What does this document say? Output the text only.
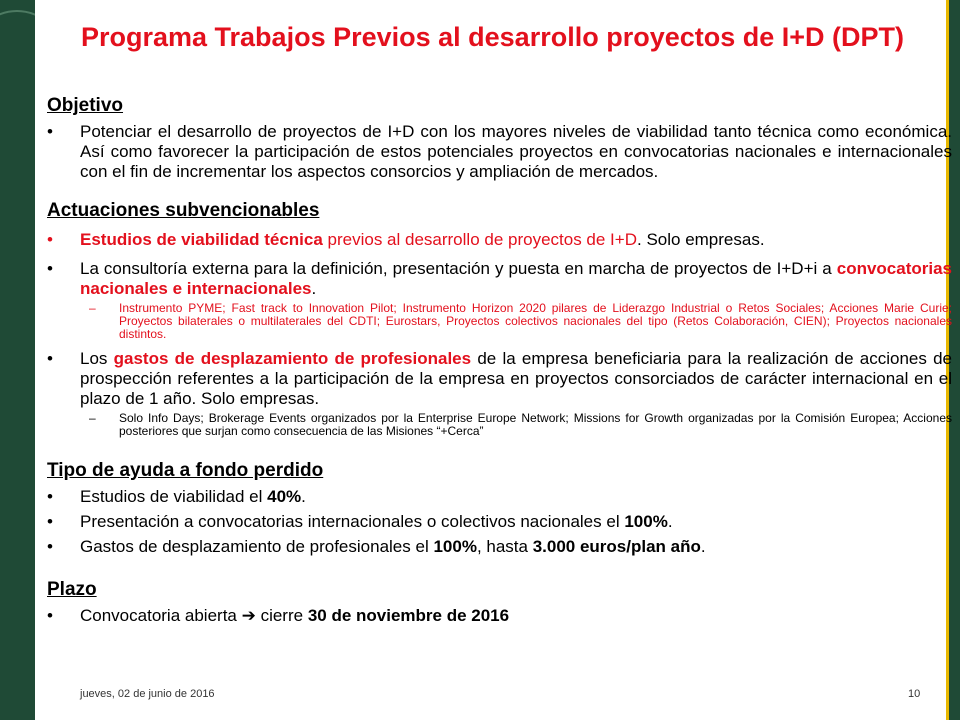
Programa Trabajos Previos al desarrollo proyectos de I+D (DPT)
Objetivo
• Potenciar el desarrollo de proyectos de I+D con los mayores niveles de viabilidad tanto técnica como económica. Así como favorecer la participación de estos potenciales proyectos en convocatorias nacionales e internacionales con el fin de incrementar los aspectos consorcios y ampliación de mercados.
Actuaciones subvencionables
• Estudios de viabilidad técnica previos al desarrollo de proyectos de I+D. Solo empresas.
• La consultoría externa para la definición, presentación y puesta en marcha de proyectos de I+D+i a convocatorias nacionales e internacionales.
– Instrumento PYME; Fast track to Innovation Pilot; Instrumento Horizon 2020 pilares de Liderazgo Industrial o Retos Sociales; Acciones Marie Curie; Proyectos bilaterales o multilaterales del CDTI; Eurostars, Proyectos colectivos nacionales del tipo (Retos Colaboración, CIEN); Proyectos nacionales distintos.
• Los gastos de desplazamiento de profesionales de la empresa beneficiaria para la realización de acciones de prospección referentes a la participación de la empresa en proyectos consorciados de carácter internacional en el plazo de 1 año. Solo empresas.
– Solo Info Days; Brokerage Events organizados por la Enterprise Europe Network; Missions for Growth organizadas por la Comisión Europea; Acciones posteriores que surjan como consecuencia de las Misiones “+Cerca”
Tipo de ayuda a fondo perdido
• Estudios de viabilidad el 40%.
• Presentación a convocatorias internacionales o colectivos nacionales el 100%.
• Gastos de desplazamiento de profesionales el 100%, hasta 3.000 euros/plan año.
Plazo
• Convocatoria abierta ➔ cierre 30 de noviembre de 2016
jueves, 02 de junio de 2016	10
